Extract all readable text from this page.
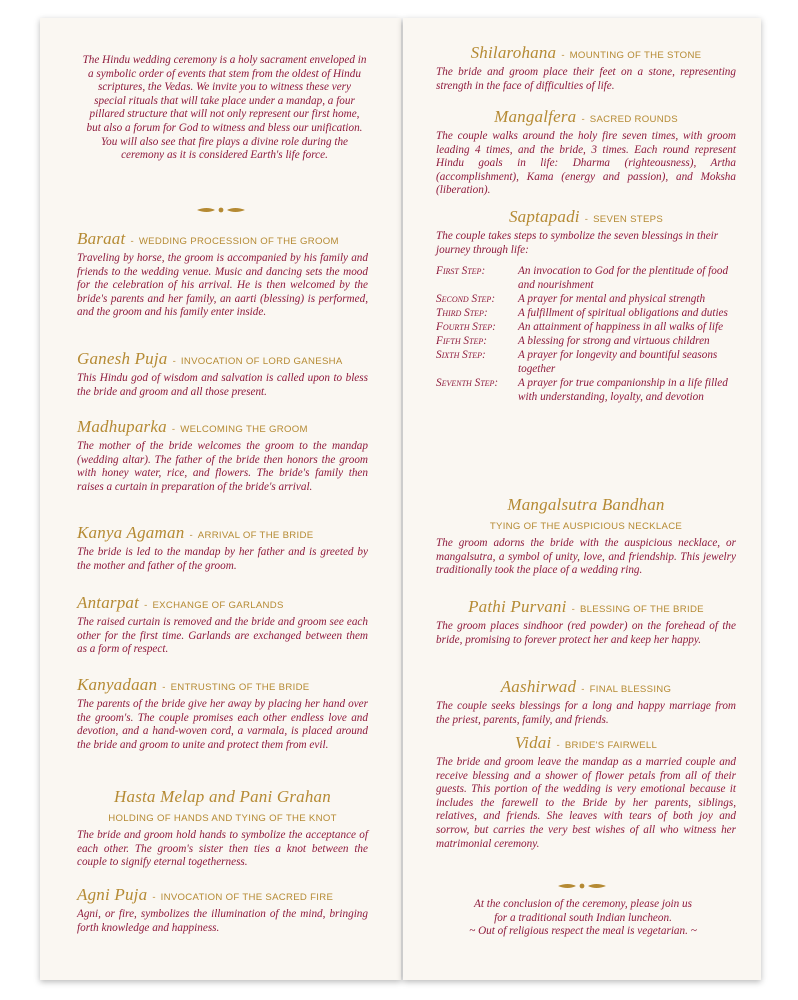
The Hindu wedding ceremony is a holy sacrament enveloped in a symbolic order of events that stem from the oldest of Hindu scriptures, the Vedas. We invite you to witness these very special rituals that will take place under a mandap, a four pillared structure that will not only represent our first home, but also a forum for God to witness and bless our unification. You will also see that fire plays a divine role during the ceremony as it is considered Earth's life force.
Baraat - WEDDING PROCESSION OF THE GROOM
Traveling by horse, the groom is accompanied by his family and friends to the wedding venue. Music and dancing sets the mood for the celebration of his arrival. He is then welcomed by the bride's parents and her family, an aarti (blessing) is performed, and the groom and his family enter inside.
Ganesh Puja - INVOCATION OF LORD GANESHA
This Hindu god of wisdom and salvation is called upon to bless the bride and groom and all those present.
Madhuparka - WELCOMING THE GROOM
The mother of the bride welcomes the groom to the mandap (wedding altar). The father of the bride then honors the groom with honey water, rice, and flowers. The bride's family then raises a curtain in preparation of the bride's arrival.
Kanya Agaman - ARRIVAL OF THE BRIDE
The bride is led to the mandap by her father and is greeted by the mother and father of the groom.
Antarpat - EXCHANGE OF GARLANDS
The raised curtain is removed and the bride and groom see each other for the first time. Garlands are exchanged between them as a form of respect.
Kanyadaan - ENTRUSTING OF THE BRIDE
The parents of the bride give her away by placing her hand over the groom's. The couple promises each other endless love and devotion, and a hand-woven cord, a varmala, is placed around the bride and groom to unite and protect them from evil.
Hasta Melap and Pani Grahan
HOLDING OF HANDS AND TYING OF THE KNOT
The bride and groom hold hands to symbolize the acceptance of each other. The groom's sister then ties a knot between the couple to signify eternal togetherness.
Agni Puja - INVOCATION OF THE SACRED FIRE
Agni, or fire, symbolizes the illumination of the mind, bringing forth knowledge and happiness.
Shilarohana - MOUNTING OF THE STONE
The bride and groom place their feet on a stone, representing strength in the face of difficulties of life.
Mangalfera - SACRED ROUNDS
The couple walks around the holy fire seven times, with groom leading 4 times, and the bride, 3 times. Each round represent Hindu goals in life: Dharma (righteousness), Artha (accomplishment), Kama (energy and passion), and Moksha (liberation).
Saptapadi - SEVEN STEPS
The couple takes steps to symbolize the seven blessings in their journey through life:
First Step:	An invocation to God for the plentitude of food and nourishment
Second Step:	A prayer for mental and physical strength
Third Step:	A fulfillment of spiritual obligations and duties
Fourth Step:	An attainment of happiness in all walks of life
Fifth Step:	A blessing for strong and virtuous children
Sixth Step:	A prayer for longevity and bountiful seasons together
Seventh Step:	A prayer for true companionship in a life filled with understanding, loyalty, and devotion
Mangalsutra Bandhan
TYING OF THE AUSPICIOUS NECKLACE
The groom adorns the bride with the auspicious necklace, or mangalsutra, a symbol of unity, love, and friendship. This jewelry traditionally took the place of a wedding ring.
Pathi Purvani - BLESSING OF THE BRIDE
The groom places sindhoor (red powder) on the forehead of the bride, promising to forever protect her and keep her happy.
Aashirwad - FINAL BLESSING
The couple seeks blessings for a long and happy marriage from the priest, parents, family, and friends.
Vidai - BRIDE'S FAIRWELL
The bride and groom leave the mandap as a married couple and receive blessing and a shower of flower petals from all of their guests. This portion of the wedding is very emotional because it includes the farewell to the Bride by her parents, siblings, relatives, and friends. She leaves with tears of both joy and sorrow, but carries the very best wishes of all who witness her matrimonial ceremony.
At the conclusion of the ceremony, please join us
for a traditional south Indian luncheon.
~ Out of religious respect the meal is vegetarian. ~
